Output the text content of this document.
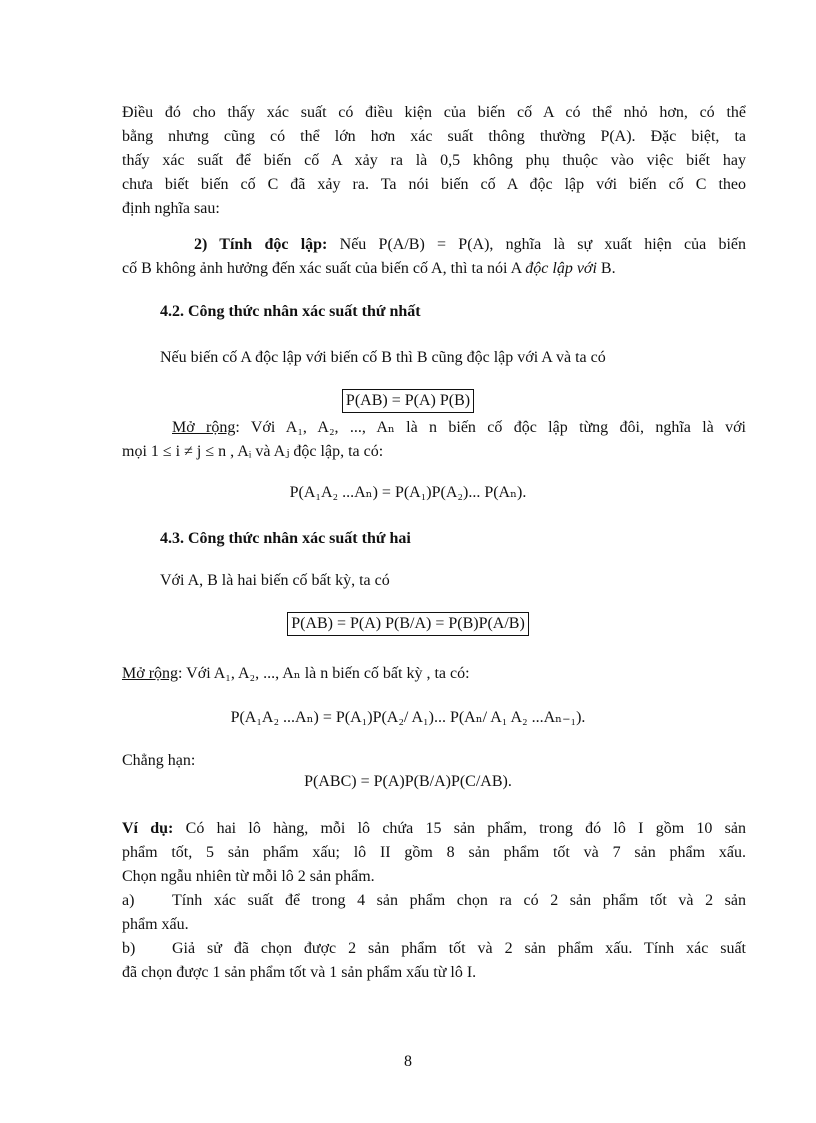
Điều đó cho thấy xác suất có điều kiện của biến cố A có thể nhỏ hơn, có thể
bằng nhưng cũng có thể lớn hơn xác suất thông thường P(A). Đặc biệt, ta
thấy xác suất để biến cố A xảy ra là 0,5 không phụ thuộc vào việc biết hay
chưa biết biến cố C đã xảy ra. Ta nói biến cố A độc lập với biến cố C theo
định nghĩa sau:
2) Tính độc lập: Nếu P(A/B) = P(A), nghĩa là sự xuất hiện của biến
cố B không ảnh hưởng đến xác suất của biến cố A, thì ta nói A độc lập với B.
4.2. Công thức nhân xác suất thứ nhất
Nếu biến cố A độc lập với biến cố B thì B cũng độc lập với A và ta có
P(AB) = P(A) P(B)
Mở rộng: Với A₁, A₂, ..., Aₙ là n biến cố độc lập từng đôi, nghĩa là với
mọi 1 ≤ i ≠ j ≤ n , Aᵢ và Aⱼ độc lập, ta có:
P(A₁A₂ ...Aₙ) = P(A₁)P(A₂)... P(Aₙ).
4.3. Công thức nhân xác suất thứ hai
Với A, B là hai biến cố bất kỳ, ta có
P(AB) = P(A) P(B/A) = P(B)P(A/B)
Mở rộng: Với A₁, A₂, ..., Aₙ là n biến cố bất kỳ , ta có:
P(A₁A₂ ...Aₙ) = P(A₁)P(A₂/ A₁)... P(Aₙ/ A₁ A₂ ...Aₙ₋₁).
Chẳng hạn:
P(ABC) = P(A)P(B/A)P(C/AB).
Ví dụ: Có hai lô hàng, mỗi lô chứa 15 sản phẩm, trong đó lô I gồm 10 sản
phẩm tốt, 5 sản phẩm xấu; lô II gồm 8 sản phẩm tốt và 7 sản phẩm xấu.
Chọn ngẫu nhiên từ mỗi lô 2 sản phẩm.
a) Tính xác suất để trong 4 sản phẩm chọn ra có 2 sản phẩm tốt và 2 sản
phẩm xấu.
b) Giả sử đã chọn được 2 sản phẩm tốt và 2 sản phẩm xấu. Tính xác suất
đã chọn được 1 sản phẩm tốt và 1 sản phẩm xấu từ lô I.
8
